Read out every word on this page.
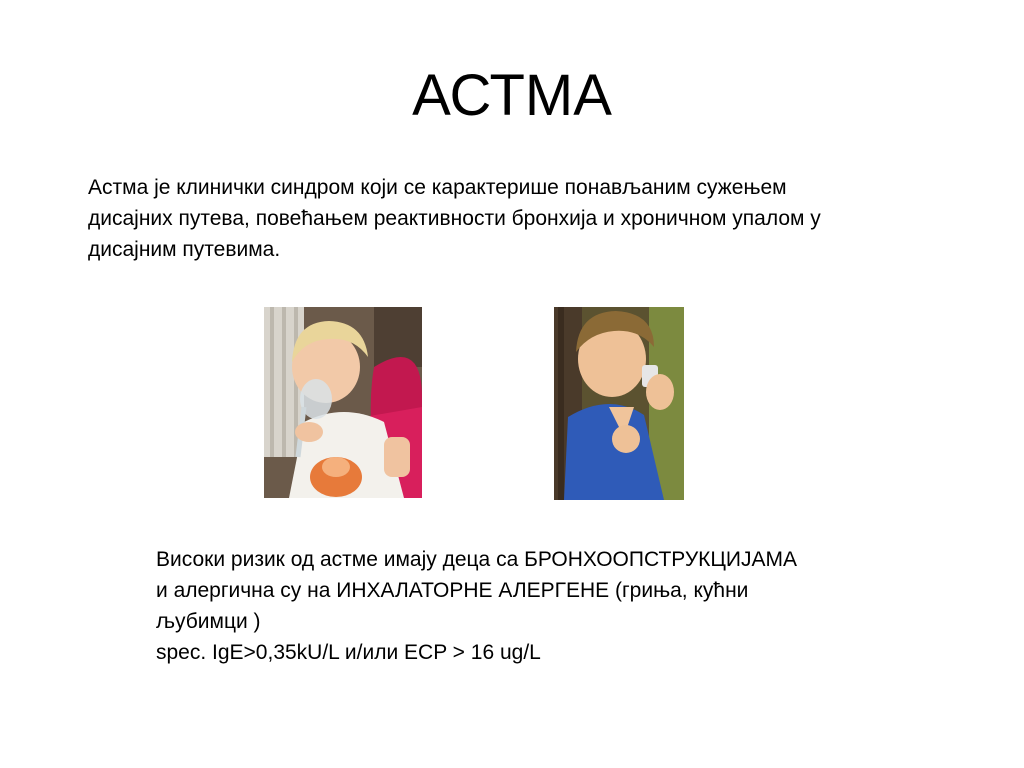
АСТМА

Астма је клинички синдром који се карактерише понављаним сужењем
дисајних путева, повећањем реактивности бронхија и хроничном упалом у
дисајним путевима.

Високи ризик од астме имају деца са БРОНХООПСТРУКЦИЈАМА
и алергична су на ИНХАЛАТОРНЕ АЛЕРГЕНЕ (грињa, кућни
љубимци )
spec. IgE>0,35kU/L и/или ECP > 16 ug/L
